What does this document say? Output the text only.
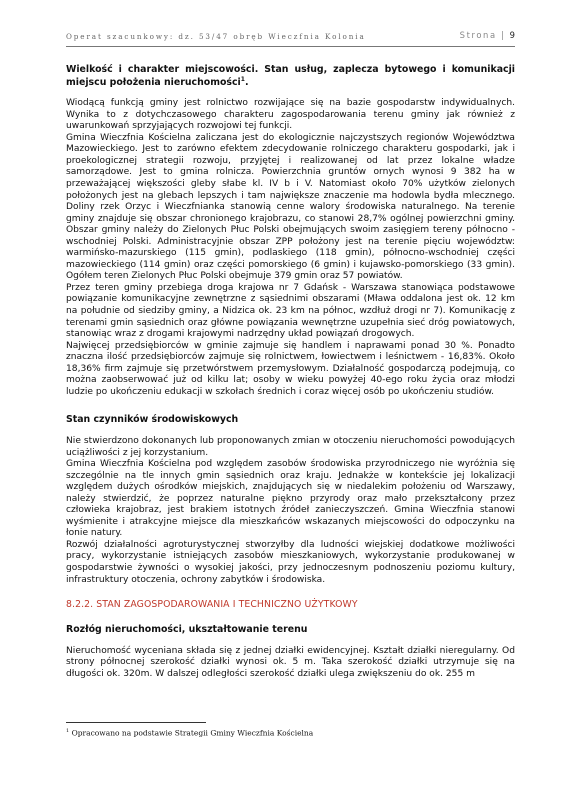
Operat szacunkowy: dz. 53/47 obręb Wieczfnia Kolonia	Strona | 9
Wielkość i charakter miejscowości. Stan usług, zaplecza bytowego i komunikacji miejscu położenia nieruchomości$^1$.

Wiodącą funkcją gminy jest rolnictwo rozwijające się na bazie gospodarstw indywidualnych. Wynika to z dotychczasowego charakteru zagospodarowania terenu gminy jak również z uwarunkowań sprzyjających rozwojowi tej funkcji.

Gmina Wieczfnia Kościelna zaliczana jest do ekologicznie najczystszych regionów Województwa Mazowieckiego. Jest to zarówno efektem zdecydowanie rolniczego charakteru gospodarki, jak i proekologicznej strategii rozwoju, przyjętej i realizowanej od lat przez lokalne władze samorządowe. Jest to gmina rolnicza. Powierzchnia gruntów ornych wynosi 9 382 ha w przeważającej większości gleby słabe kl. IV b i V. Natomiast około 70% użytków zielonych położonych jest na glebach lepszych i tam największe znaczenie ma hodowla bydła mlecznego. Doliny rzek Orzyc i Wieczfnianka stanowią cenne walory środowiska naturalnego. Na terenie gminy znajduje się obszar chronionego krajobrazu, co stanowi 28,7% ogólnej powierzchni gminy. Obszar gminy należy do Zielonych Płuc Polski obejmujących swoim zasięgiem tereny północno - wschodniej Polski. Administracyjnie obszar ZPP położony jest na terenie pięciu województw: warmińsko-mazurskiego (115 gmin), podlaskiego (118 gmin), północno-wschodniej części mazowieckiego (114 gmin) oraz części pomorskiego (6 gmin) i kujawsko-pomorskiego (33 gmin). Ogółem teren Zielonych Płuc Polski obejmuje 379 gmin oraz 57 powiatów.

Przez teren gminy przebiega droga krajowa nr 7 Gdańsk - Warszawa stanowiąca podstawowe powiązanie komunikacyjne zewnętrzne z sąsiednimi obszarami (Mława oddalona jest ok. 12 km na południe od siedziby gminy, a Nidzica ok. 23 km na północ, wzdłuż drogi nr 7). Komunikację z terenami gmin sąsiednich oraz główne powiązania wewnętrzne uzupełnia sieć dróg powiatowych, stanowiąc wraz z drogami krajowymi nadrzędny układ powiązań drogowych.

Najwięcej przedsiębiorców w gminie zajmuje się handlem i naprawami ponad 30 %. Ponadto znaczna ilość przedsiębiorców zajmuje się rolnictwem, łowiectwem i leśnictwem - 16,83%. Około 18,36% firm zajmuje się przetwórstwem przemysłowym. Działalność gospodarczą podejmują, co można zaobserwować już od kilku lat; osoby w wieku powyżej 40-ego roku życia oraz młodzi ludzie po ukończeniu edukacji w szkołach średnich i coraz więcej osób po ukończeniu studiów.

Stan czynników środowiskowych

Nie stwierdzono dokonanych lub proponowanych zmian w otoczeniu nieruchomości powodujących uciążliwości z jej korzystanium.

Gmina Wieczfnia Kościelna pod względem zasobów środowiska przyrodniczego nie wyróżnia się szczególnie na tle innych gmin sąsiednich oraz kraju. Jednakże w kontekście jej lokalizacji względem dużych ośrodków miejskich, znajdujących się w niedalekim położeniu od Warszawy, należy stwierdzić, że poprzez naturalne piękno przyrody oraz mało przekształcony przez człowieka krajobraz, jest brakiem istotnych źródeł zanieczyszczeń. Gmina Wieczfnia stanowi wyśmienite i atrakcyjne miejsce dla mieszkańców wskazanych miejscowości do odpoczynku na łonie natury.

Rozwój działalności agroturystycznej stworzyłby dla ludności wiejskiej dodatkowe możliwości pracy, wykorzystanie istniejących zasobów mieszkaniowych, wykorzystanie produkowanej w gospodarstwie żywności o wysokiej jakości, przy jednoczesnym podnoszeniu poziomu kultury, infrastruktury otoczenia, ochrony zabytków i środowiska.

8.2.2. STAN ZAGOSPODAROWANIA I TECHNICZNO UŻYTKOWY
Rozłóg nieruchomości, ukształtowanie terenu

Nieruchomość wyceniana składa się z jednej działki ewidencyjnej. Kształt działki nieregularny. Od strony północnej szerokość działki wynosi ok. 5 m. Taka szerokość działki utrzymuje się na długości ok. 320m. W dalszej odległości szerokość działki ulega zwiększeniu do ok. 255 m

$^1$ Opracowano na podstawie Strategii Gminy Wieczfnia Kościelna
